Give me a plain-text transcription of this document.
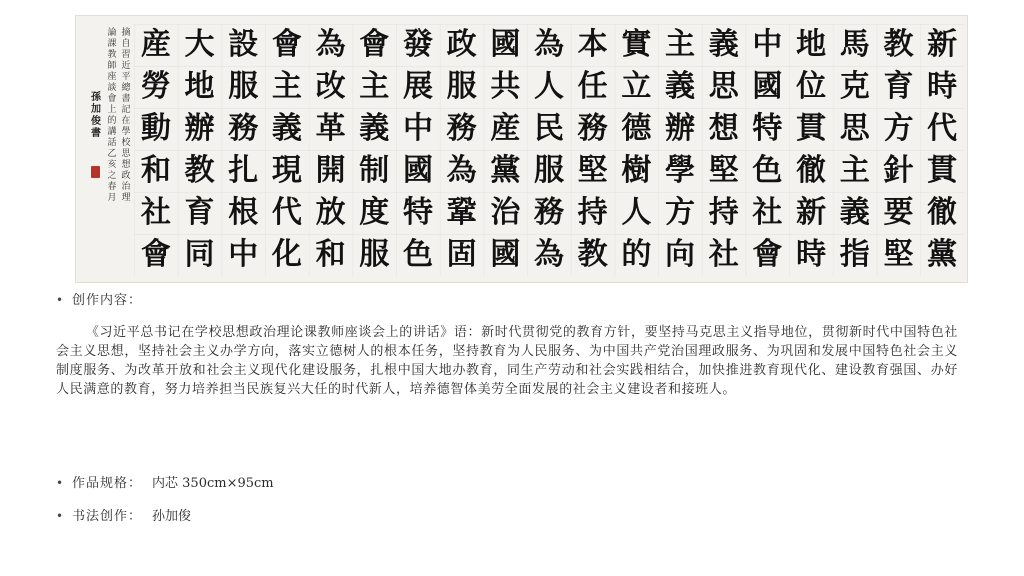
産 大 設 會 為 會 發 政 國 為 本 實 主 義 中 地 馬 教 新
勞 地 服 主 改 主 展 服 共 人 任 立 義 思 國 位 克 育 時
動 辦 務 義 革 義 中 務 産 民 務 德 辦 想 特 貫 思 方 代
和 教 扎 現 開 制 國 為 黨 服 堅 樹 學 堅 色 徹 主 針 貫
社 育 根 代 放 度 特 鞏 治 務 持 人 方 持 社 新 義 要 徹
會 同 中 化 和 服 色 固 國 為 教 的 向 社 會 時 指 堅 黨
摘自習近平總書記在學校思想政治理
論課教師座談會上的講話乙亥之春月
孫加俊書
• 创作内容：
《习近平总书记在学校思想政治理论课教师座谈会上的讲话》语：新时代贯彻党的教育方针，要坚持马克思主义指导地位，贯彻新时代中国特色社会主义思想，坚持社会主义办学方向，落实立德树人的根本任务，坚持教育为人民服务、为中国共产党治国理政服务、为巩固和发展中国特色社会主义制度服务、为改革开放和社会主义现代化建设服务，扎根中国大地办教育，同生产劳动和社会实践相结合，加快推进教育现代化、建设教育强国、办好人民满意的教育，努力培养担当民族复兴大任的时代新人，培养德智体美劳全面发展的社会主义建设者和接班人。
• 作品规格： 内芯 350cm×95cm
• 书法创作： 孙加俊
